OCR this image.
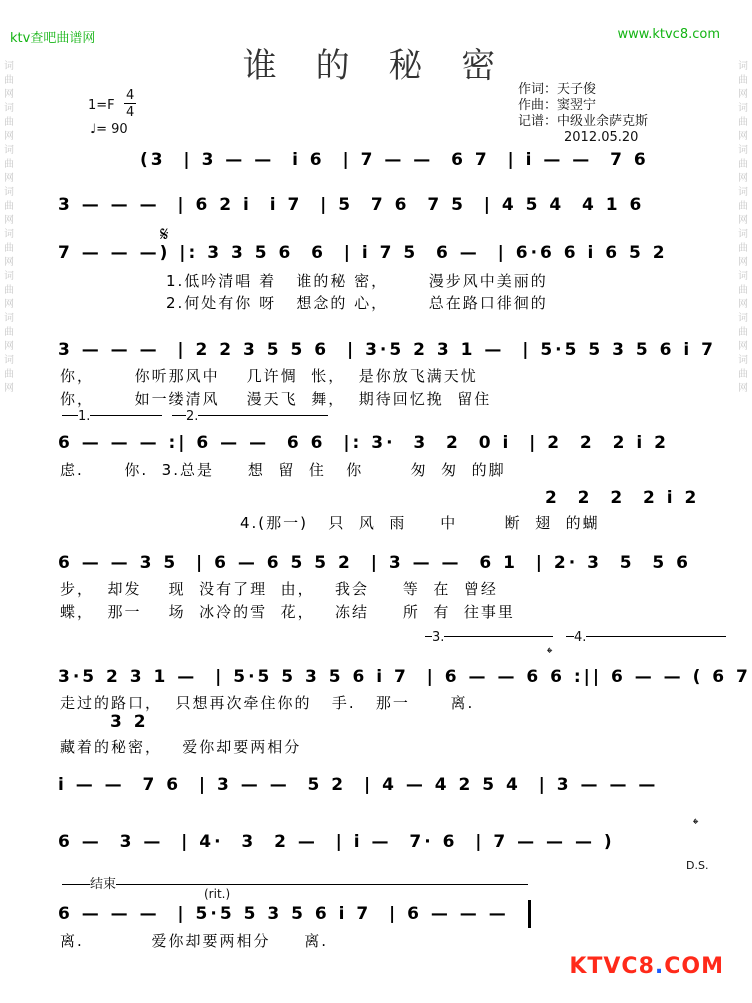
ktv查吧曲谱网	www.ktvc8.com
词曲网词曲网词曲网词曲网词曲网词曲网词曲网词曲网
词曲网词曲网词曲网词曲网词曲网词曲网词曲网词曲网
谁 的 秘 密
1=F
4
4
♩= 90
作词：天子俊
作曲：窦翌宁
记谱：中级业余萨克斯
2012.05.20
(3  | 3 — —  i 6  | 7 — —  6 7  | i — —  7 6
3 — — —  | 6 2 i  i 7  | 5  7 6  7 5  | 4 5 4  4 1 6
𝄋
7 — — —) |: 3 3 5 6  6  | i 7 5  6 —  | 6·6 6 i 6 5 2
1.低吟清唱 着   谁的秘 密，      漫步风中美丽的
2.何处有你 呀   想念的 心，      总在路口徘徊的
3 — — —  | 2 2 3 5 5 6  | 3·5 2 3 1 —  | 5·5 5 3 5 6 i 7
你，      你听那风中    几许惆  怅，  是你放飞满天忧
你，      如一缕清风    漫天飞  舞，  期待回忆挽  留住
1.	2.
6 — — — :| 6 — —  6 6  |: 3·  3  2  0 i  | 2  2  2 i 2
虑.      你.  3.总是     想  留  住   你       匆  匆  的脚
2  2  2  2 i 2
4.(那一)   只  风  雨     中       断  翅  的蝴
6 — — 3 5  | 6 — 6 5 5 2  | 3 — —  6 1  | 2· 3  5  5 6
步，  却发    现  没有了理  由，   我会     等  在  曾经
蝶，  那一    场  冰冷的雪  花，   冻结     所  有  往事里
3.	4.
𝄌
3·5 2 3 1 —  | 5·5 5 3 5 6 i 7  | 6 — — 6 6 :|| 6 — — ( 6 7
走过的路口，  只想再次牵住你的   手.   那一      离.
3 2
藏着的秘密，   爱你却要两相分
i — —  7 6  | 3 — —  5 2  | 4 — 4 2 5 4  | 3 — — —
6 —  3 —  | 4·  3  2 —  | i —  7· 6  | 7 — — — )
𝄌
D.S.
结束
(rit.)
6 — — —  | 5·5 5 3 5 6 i 7  | 6 — — —
离.          爱你却要两相分     离.
KTVC8.COM
